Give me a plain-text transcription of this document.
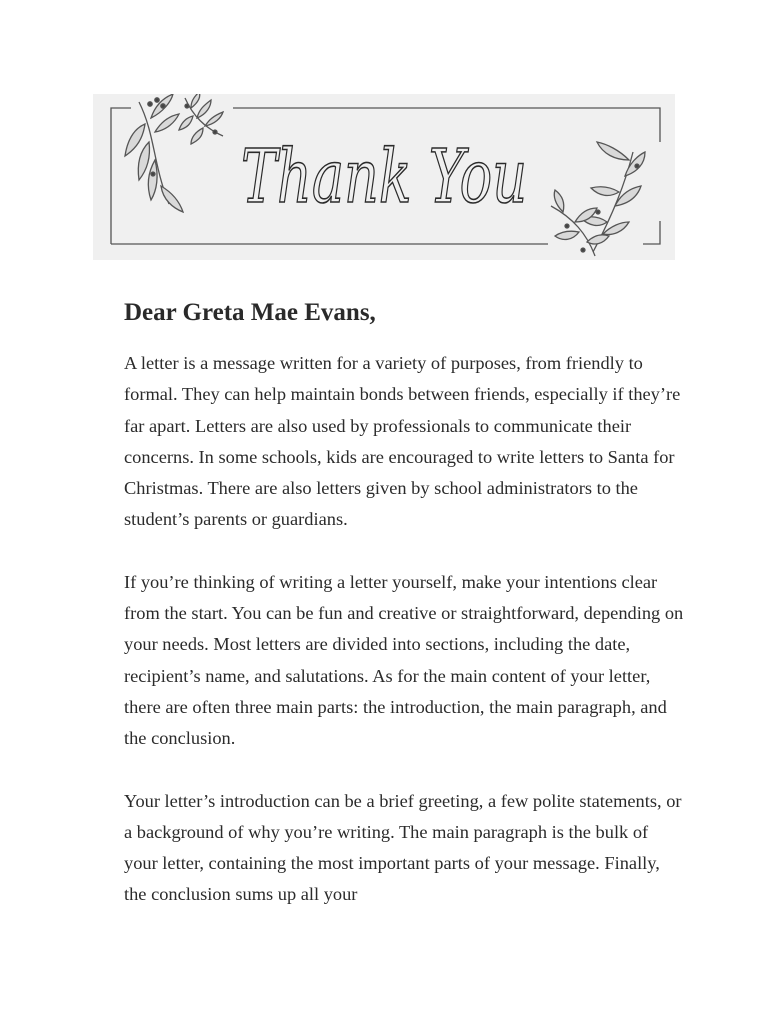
Thank You
Dear Greta Mae Evans,

A letter is a message written for a variety of purposes, from friendly to formal. They can help maintain bonds between friends, especially if they’re far apart. Letters are also used by professionals to communicate their concerns. In some schools, kids are encouraged to write letters to Santa for Christmas. There are also letters given by school administrators to the student’s parents or guardians.

If you’re thinking of writing a letter yourself, make your intentions clear from the start. You can be fun and creative or straightforward, depending on your needs. Most letters are divided into sections, including the date, recipient’s name, and salutations. As for the main content of your letter, there are often three main parts: the introduction, the main paragraph, and the conclusion.

Your letter’s introduction can be a brief greeting, a few polite statements, or a background of why you’re writing. The main paragraph is the bulk of your letter, containing the most important parts of your message. Finally, the conclusion sums up all your
